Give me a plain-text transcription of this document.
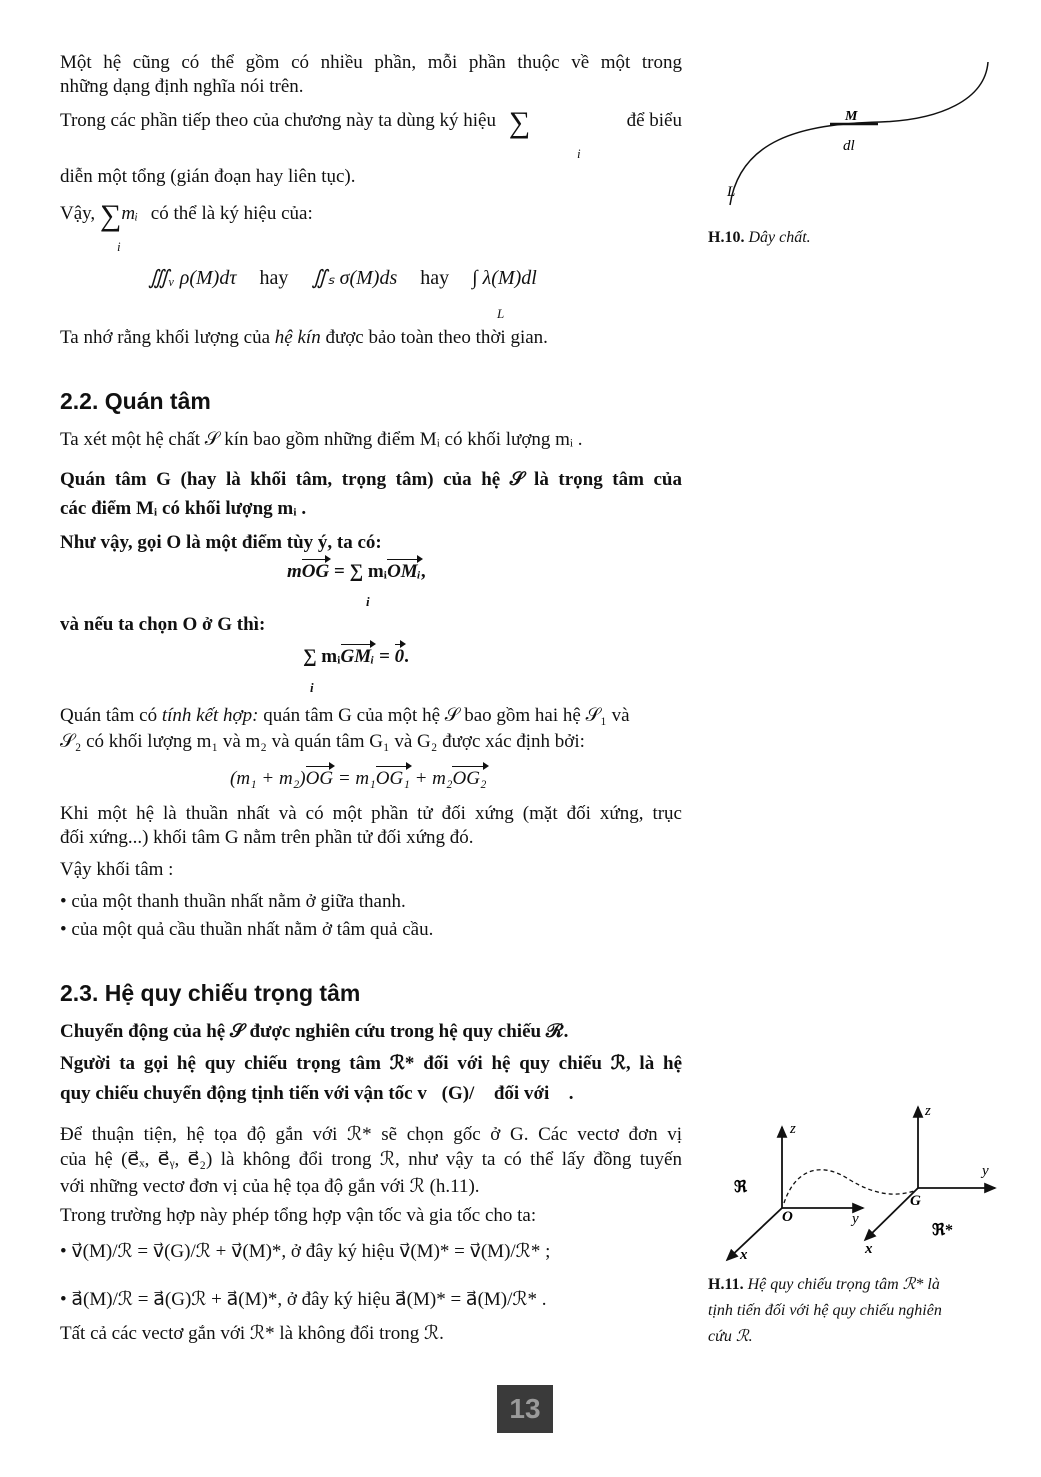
Một hệ cũng có thể gồm có nhiều phần, mỗi phần thuộc về một trong
những dạng định nghĩa nói trên.
Trong các phần tiếp theo của chương này ta dùng ký hiệu ∑	để biểu
i
diễn một tổng (gián đoạn hay liên tục).
Vậy, ∑mᵢ có thể là ký hiệu của:
i
∭ᵥ ρ(M)dτ hay ∬ₛ σ(M)ds hay ∫ λ(M)dl
L
Ta nhớ rằng khối lượng của hệ kín được bảo toàn theo thời gian.
2.2. Quán tâm
Ta xét một hệ chất 𝒮 kín bao gồm những điểm Mᵢ có khối lượng mᵢ .
Quán tâm G (hay là khối tâm, trọng tâm) của hệ 𝒮 là trọng tâm của
các điểm Mᵢ có khối lượng mᵢ .
Như vậy, gọi O là một điểm tùy ý, ta có:
mOG = ∑ mᵢOMᵢ,
i
và nếu ta chọn O ở G thì:
∑ mᵢGMᵢ = 0.
i
Quán tâm có tính kết hợp: quán tâm G của một hệ 𝒮 bao gồm hai hệ 𝒮₁ và
𝒮₂ có khối lượng m₁ và m₂ và quán tâm G₁ và G₂ được xác định bởi:
(m₁ + m₂)OG = m₁OG₁ + m₂OG₂
Khi một hệ là thuần nhất và có một phần tử đối xứng (mặt đối xứng, trục
đối xứng...) khối tâm G nằm trên phần tử đối xứng đó.
Vậy khối tâm :
• của một thanh thuần nhất nằm ở giữa thanh.
• của một quả cầu thuần nhất nằm ở tâm quả cầu.
2.3. Hệ quy chiếu trọng tâm
Chuyển động của hệ 𝒮 được nghiên cứu trong hệ quy chiếu ℛ.
Người ta gọi hệ quy chiếu trọng tâm ℛ* đối với hệ quy chiếu ℛ, là hệ
quy chiếu chuyển động tịnh tiến với vận tốc v⃗(G)/ℛ đối với ℛ.
Để thuận tiện, hệ tọa độ gắn với ℛ* sẽ chọn gốc ở G. Các vectơ đơn vị
của hệ (e⃗ₓ, e⃗ᵧ, e⃗₂) là không đổi trong ℛ, như vậy ta có thể lấy đồng tuyến
với những vectơ đơn vị của hệ tọa độ gắn với ℛ (h.11).
Trong trường hợp này phép tổng hợp vận tốc và gia tốc cho ta:
• v⃗(M)/ℛ = v⃗(G)/ℛ + v⃗(M)*, ở đây ký hiệu v⃗(M)* = v⃗(M)/ℛ* ;
• a⃗(M)/ℛ = a⃗(G)ℛ + a⃗(M)*, ở đây ký hiệu a⃗(M)* = a⃗(M)/ℛ* .
Tất cả các vectơ gắn với ℛ* là không đổi trong ℛ.
M
dl
L
H.10. Dây chất.
z
y
x
O
ℜ
z
y
x
G
ℜ*
H.11. Hệ quy chiếu trọng tâm ℛ* là
tịnh tiến đối với hệ quy chiếu nghiên
cứu ℛ.
13
